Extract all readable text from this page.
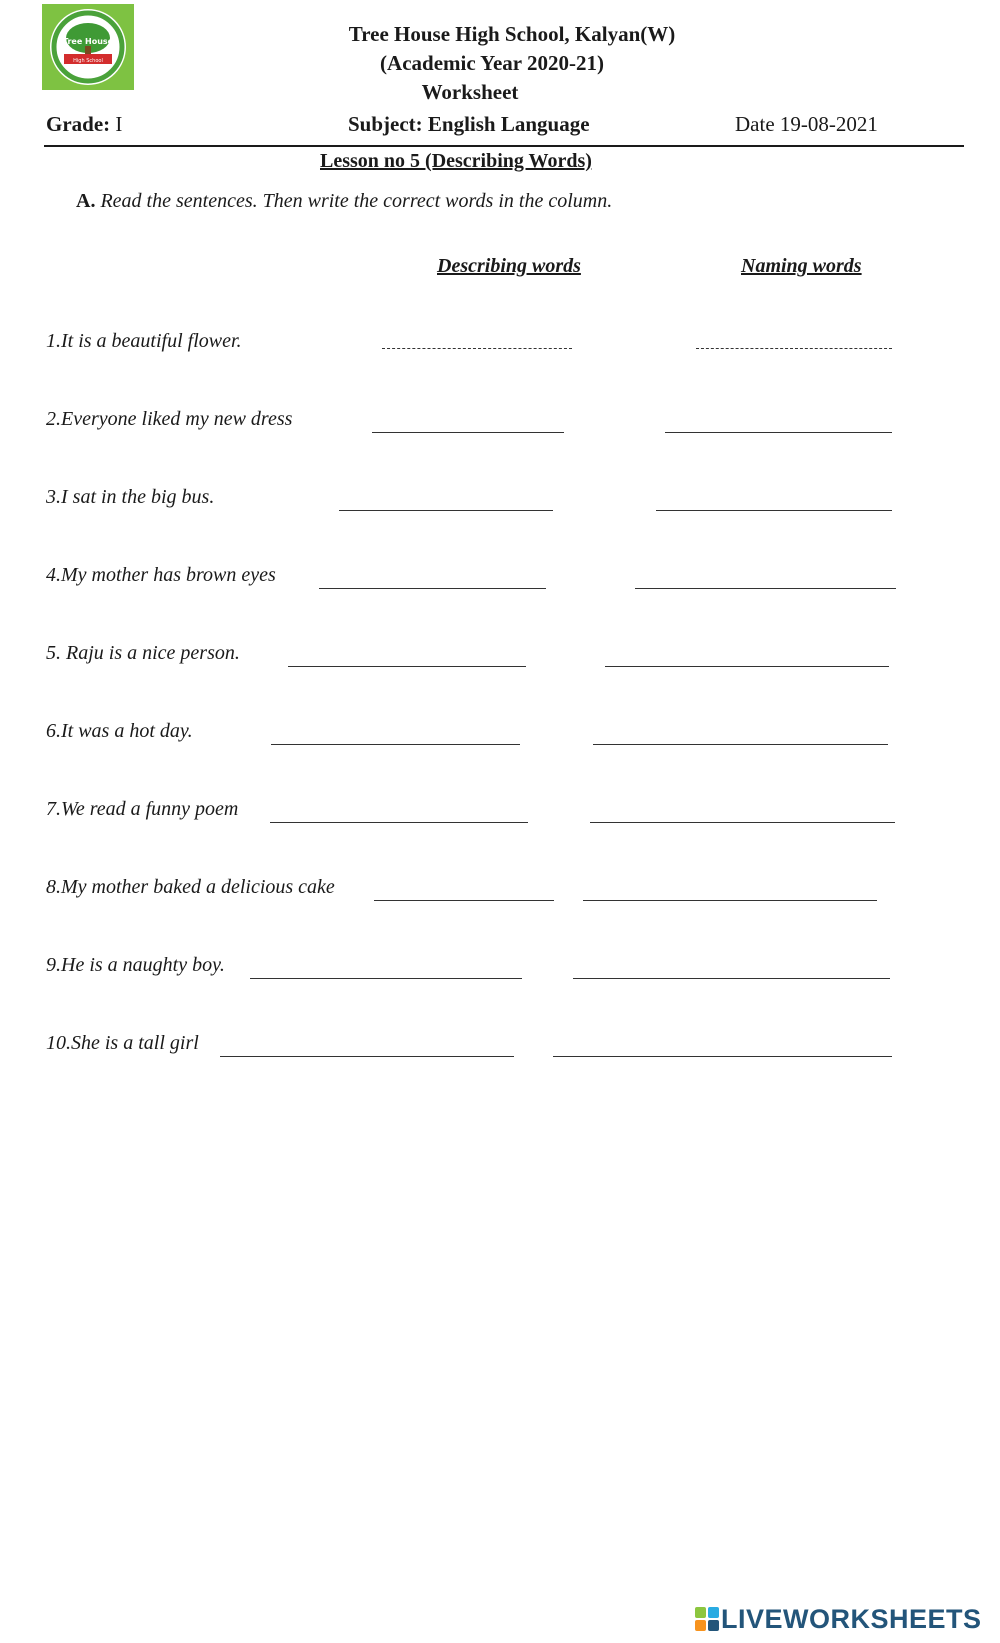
Tree House
High School
Tree House High School, Kalyan(W)
(Academic Year 2020-21)
Worksheet
Grade: I	Subject: English Language	Date 19-08-2021
Lesson no 5 (Describing Words)
A. Read the sentences. Then write the correct words in the column.
Describing words	Naming words
1.It is a beautiful flower.
2.Everyone liked my new dress
3.I sat in the big bus.
4.My mother has brown eyes
5. Raju is a nice person.
6.It was a hot day.
7.We read a funny poem
8.My mother baked a delicious cake
9.He is a naughty boy.
10.She is a tall girl
LIVEWORKSHEETS
